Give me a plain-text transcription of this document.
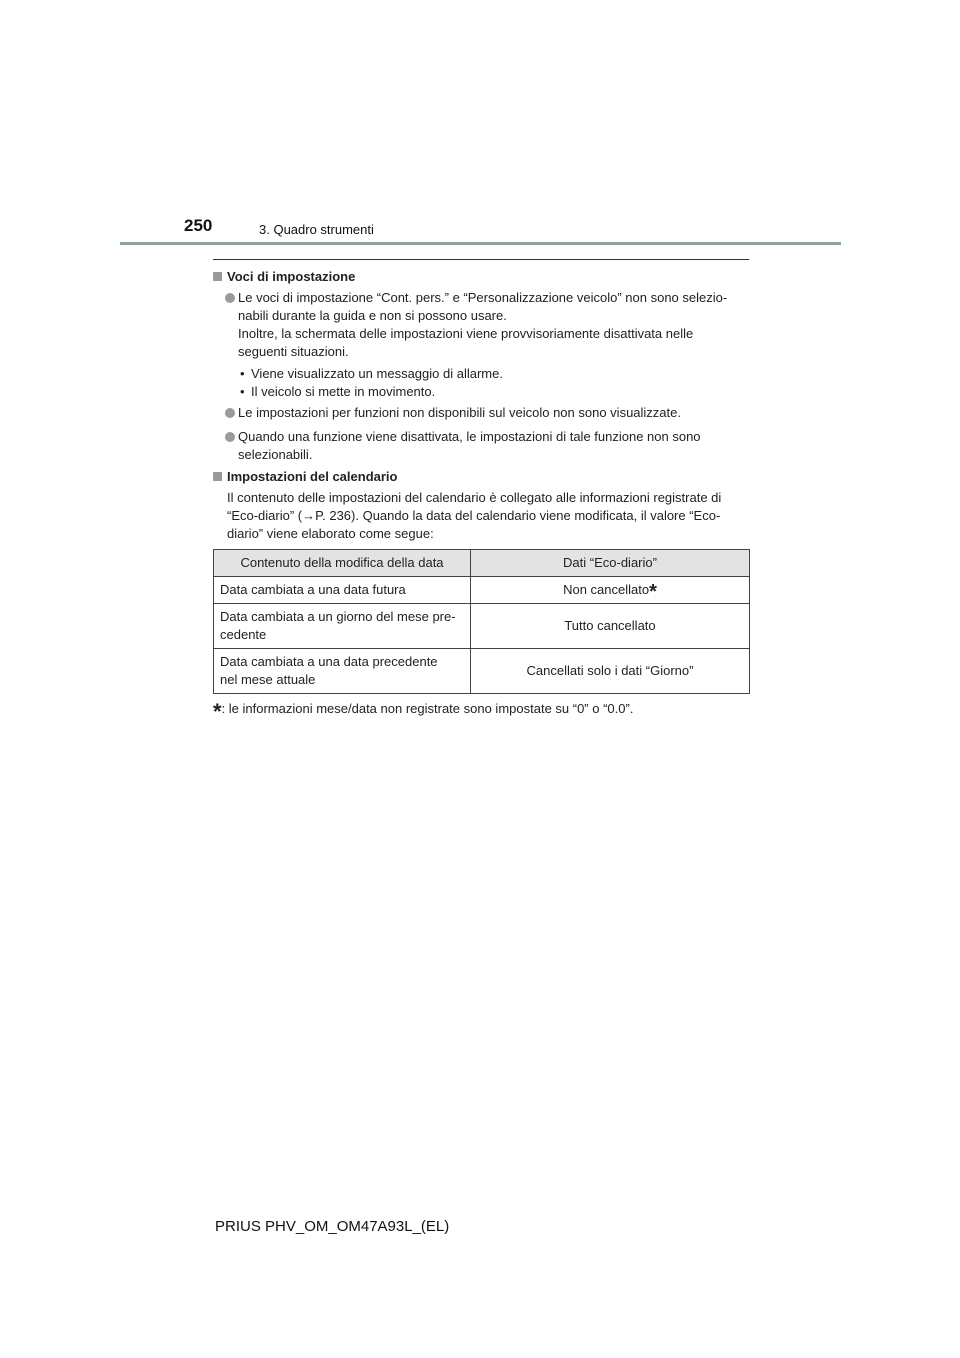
250	3. Quadro strumenti
Voci di impostazione
Le voci di impostazione “Cont. pers.” e “Personalizzazione veicolo” non sono selezio-
nabili durante la guida e non si possono usare.
Inoltre, la schermata delle impostazioni viene provvisoriamente disattivata nelle
seguenti situazioni.
• Viene visualizzato un messaggio di allarme.
• Il veicolo si mette in movimento.
Le impostazioni per funzioni non disponibili sul veicolo non sono visualizzate.
Quando una funzione viene disattivata, le impostazioni di tale funzione non sono
selezionabili.
Impostazioni del calendario
Il contenuto delle impostazioni del calendario è collegato alle informazioni registrate di
“Eco-diario” (→P. 236). Quando la data del calendario viene modificata, il valore “Eco-
diario” viene elaborato come segue:
Contenuto della modifica della data	Dati “Eco-diario”

Data cambiata a una data futura	Non cancellato*

Data cambiata a un giorno del mese pre-
cedente	Tutto cancellato

Data cambiata a una data precedente
nel mese attuale	Cancellati solo i dati “Giorno”
*: le informazioni mese/data non registrate sono impostate su “0” o “0.0”.
PRIUS PHV_OM_OM47A93L_(EL)
